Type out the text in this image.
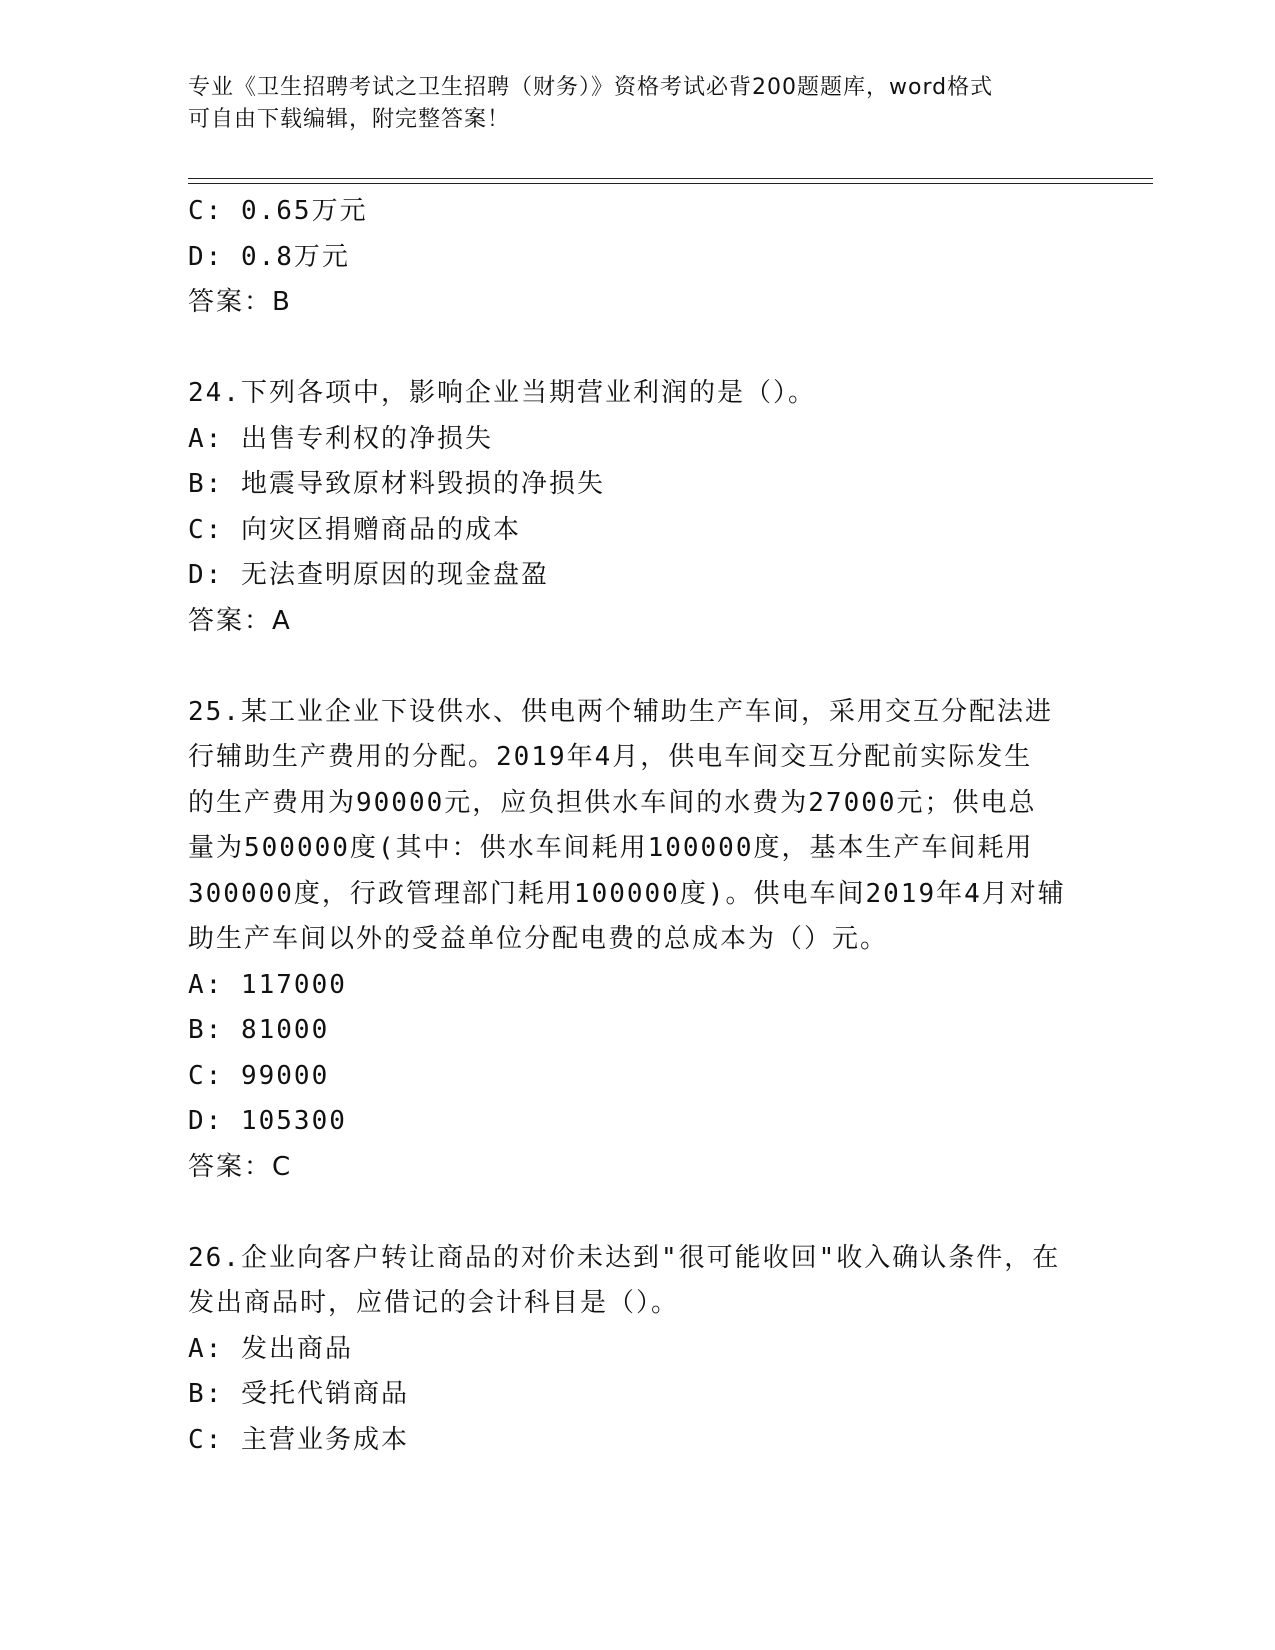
专业《卫生招聘考试之卫生招聘（财务）》资格考试必背200题题库，word格式
可自由下载编辑，附完整答案！
C: 0.65万元
D: 0.8万元
答案：B
24.下列各项中，影响企业当期营业利润的是（）。
A: 出售专利权的净损失
B: 地震导致原材料毁损的净损失
C: 向灾区捐赠商品的成本
D: 无法查明原因的现金盘盈
答案：A
25.某工业企业下设供水、供电两个辅助生产车间，采用交互分配法进
行辅助生产费用的分配。2019年4月，供电车间交互分配前实际发生
的生产费用为90000元，应负担供水车间的水费为27000元；供电总
量为500000度(其中：供水车间耗用100000度，基本生产车间耗用
300000度，行政管理部门耗用100000度)。供电车间2019年4月对辅
助生产车间以外的受益单位分配电费的总成本为（）元。
A: 117000
B: 81000
C: 99000
D: 105300
答案：C
26.企业向客户转让商品的对价未达到"很可能收回"收入确认条件，在
发出商品时，应借记的会计科目是（）。
A: 发出商品
B: 受托代销商品
C: 主营业务成本
